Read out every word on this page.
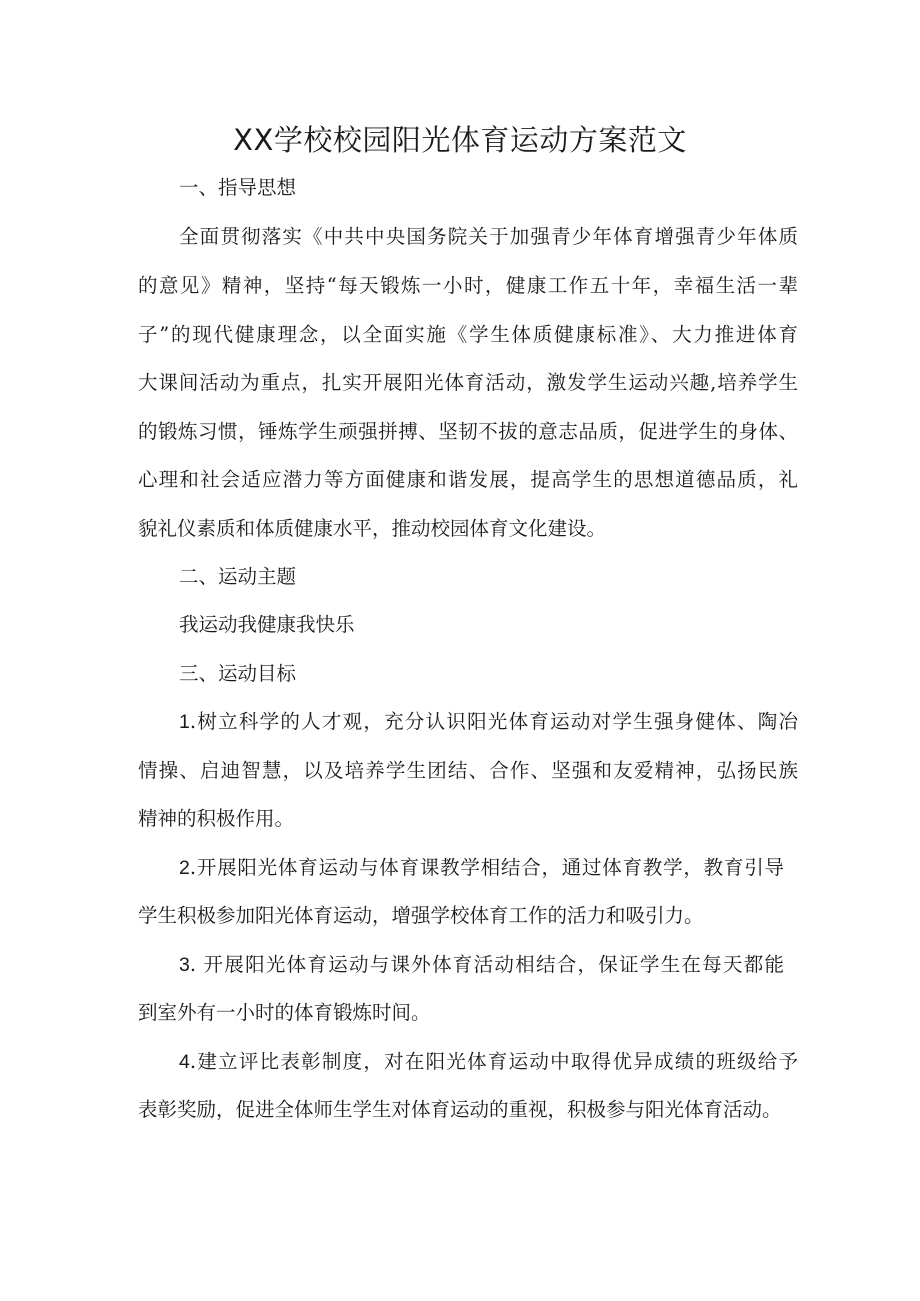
XX学校校园阳光体育运动方案范文

一、指导思想

全面贯彻落实《中共中央国务院关于加强青少年体育增强青少年体质

的意见》精神，坚持“每天锻炼一小时，健康工作五十年，幸福生活一辈

子”的现代健康理念，以全面实施《学生体质健康标准》、大力推进体育

大课间活动为重点，扎实开展阳光体育活动，激发学生运动兴趣,培养学生

的锻炼习惯，锤炼学生顽强拼搏、坚韧不拔的意志品质，促进学生的身体、

心理和社会适应潜力等方面健康和谐发展，提高学生的思想道德品质，礼

貌礼仪素质和体质健康水平，推动校园体育文化建设。

二、运动主题

我运动我健康我快乐

三、运动目标

1.树立科学的人才观，充分认识阳光体育运动对学生强身健体、陶冶

情操、启迪智慧，以及培养学生团结、合作、坚强和友爱精神，弘扬民族

精神的积极作用。

2.开展阳光体育运动与体育课教学相结合，通过体育教学，教育引导

学生积极参加阳光体育运动，增强学校体育工作的活力和吸引力。

3. 开展阳光体育运动与课外体育活动相结合，保证学生在每天都能

到室外有一小时的体育锻炼时间。

4.建立评比表彰制度，对在阳光体育运动中取得优异成绩的班级给予

表彰奖励，促进全体师生学生对体育运动的重视，积极参与阳光体育活动。
